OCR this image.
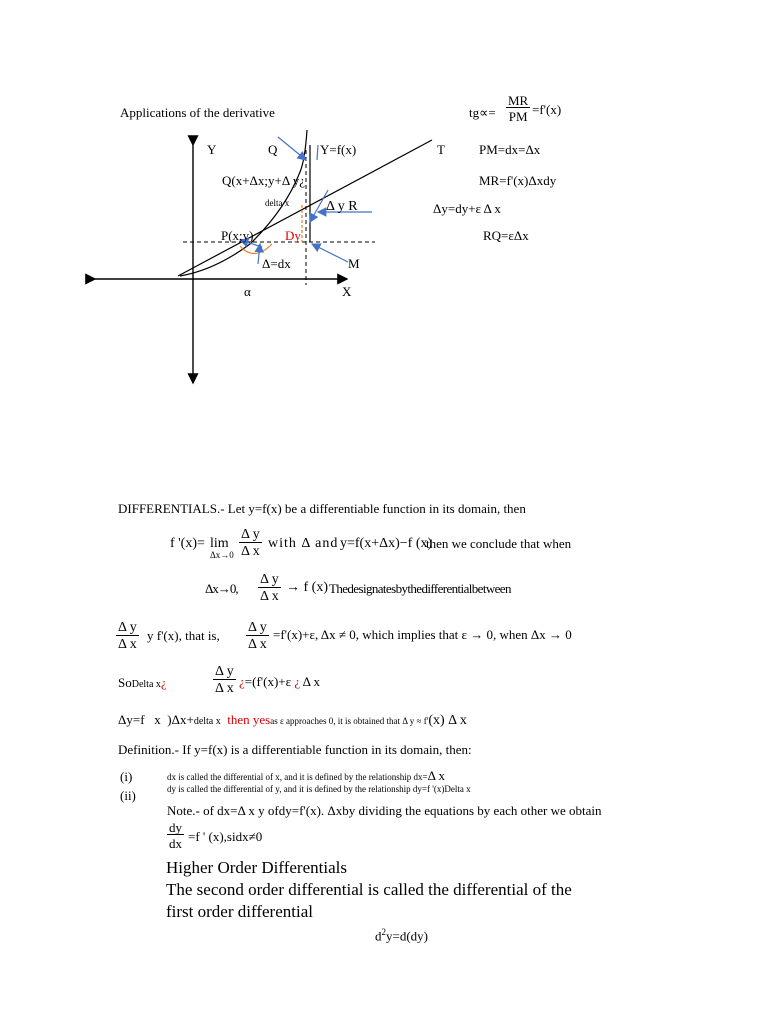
Applications of the derivative	$tg\propto= \frac{MR}{PM} =f'(x)$
Y	Q	Y=f(x)	T
Q(x+Δx;y+Δ y¿
delta x	Δ y R
P(x;y) Dy
Δ=dx	M
α	X
PM=dx=Δx
MR=f'(x)Δxdy
Δy=dy+ε Δ x
RQ=εΔx
DIFFERENTIALS.- Let y=f(x) be a differentiable function in its domain, then
f '(x)= lim
$\Delta x\to 0 \frac{\text{Δ y}}{\text{Δ x}}$ with Δ and y=f(x+Δx)−f (x)
then we conclude that when
Δx→0, $\frac{\text{Δ y}}{\text{Δ x}} \to f$ (x) Thedesignatesbythedifferentialbetween
$\frac{\text{Δ y}}{\text{Δ x}}$ y f'(x), that is, $\frac{\text{Δ y}}{\text{Δ x}} =f'(x)+\varepsilon$, Δx ≠ 0, which implies that ε → 0, when Δx → 0
SoDelta x¿	$\frac{\text{Δ y}}{\text{Δ x}}$ ¿=(f'(x)+ε ¿ Δ x
Δy=f x )Δx+delta x then yesas ε approaches 0, it is obtained that Δ y ≈ f'(x) Δ x
Definition.- If y=f(x) is a differentiable function in its domain, then:
(i)
(ii)
dx is called the differential of x, and it is defined by the relationship dx=Δ x
dy is called the differential of y, and it is defined by the relationship dy=f '(x)Delta x
Note.- of dx=Δ x y ofdy=f'(x). Δxby dividing the equations by each other we obtain
$\frac{dy}{dx} =f$ ' (x),sidx≠0
Higher Order Differentials
The second order differential is called the differential of the
first order differential
$d^2y=d(dy)$
